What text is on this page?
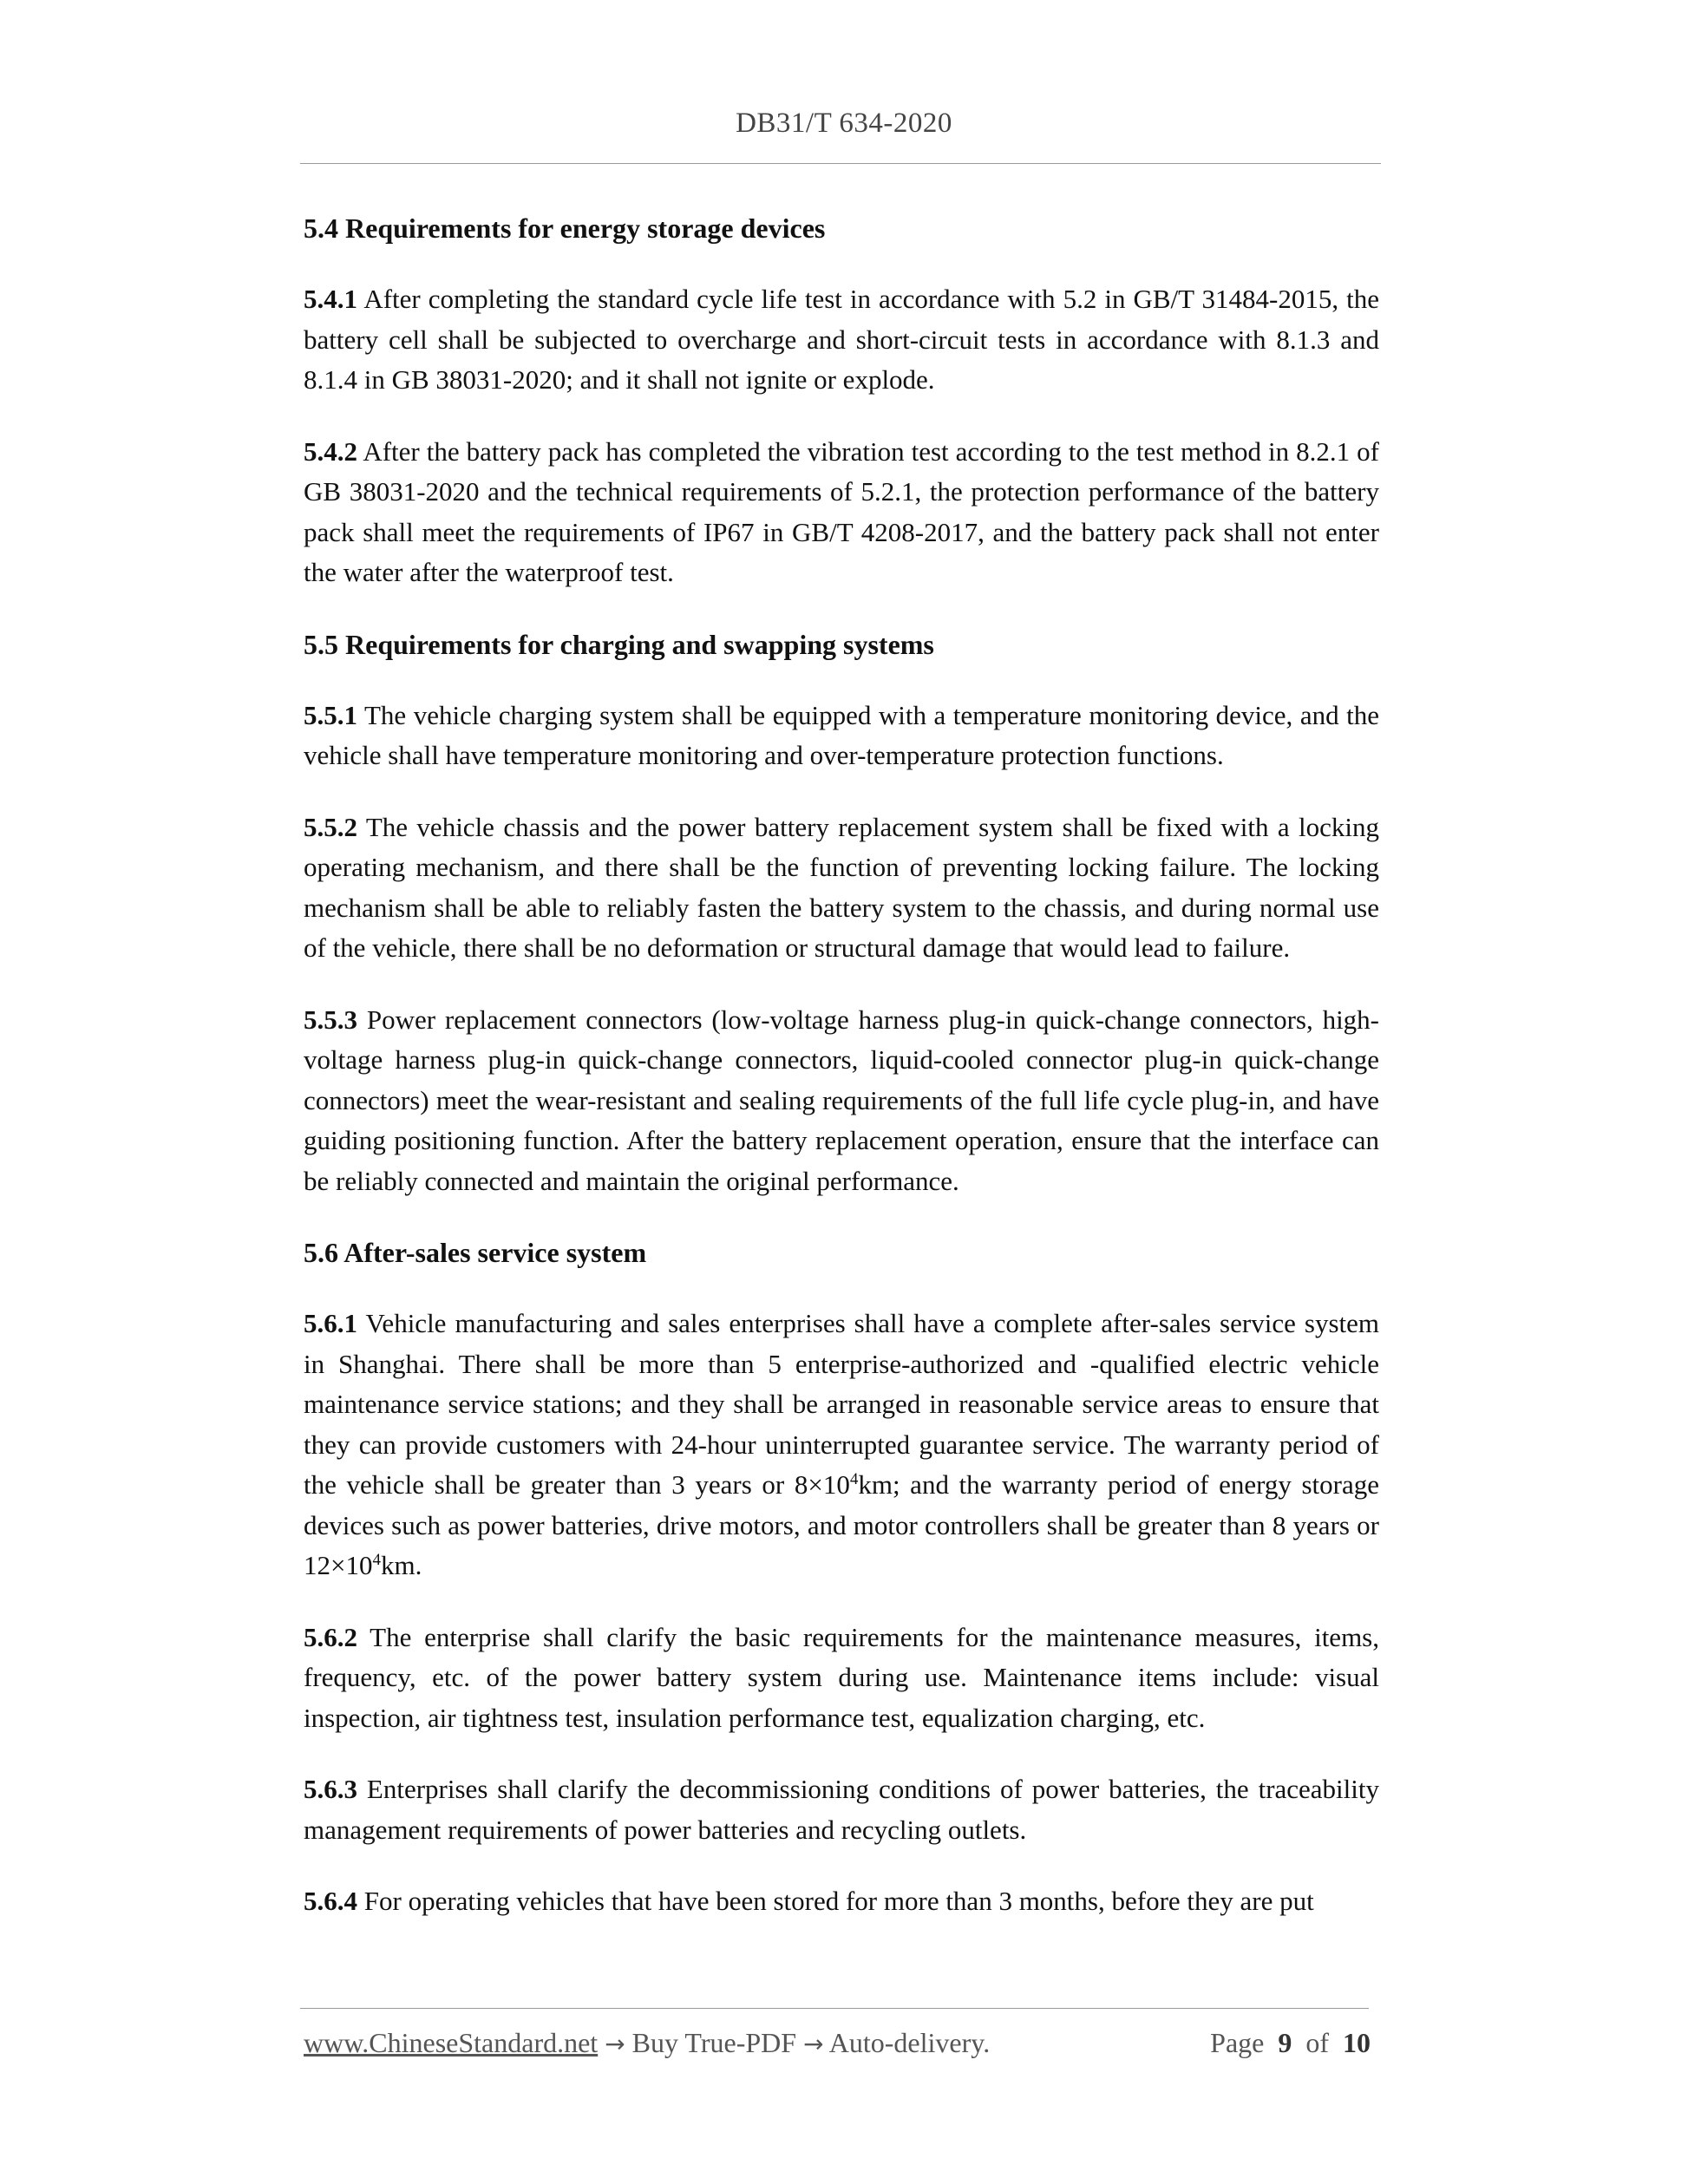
DB31/T 634-2020
5.4 Requirements for energy storage devices

5.4.1 After completing the standard cycle life test in accordance with 5.2 in GB/T 31484-2015, the battery cell shall be subjected to overcharge and short-circuit tests in accordance with 8.1.3 and 8.1.4 in GB 38031-2020; and it shall not ignite or explode.

5.4.2 After the battery pack has completed the vibration test according to the test method in 8.2.1 of GB 38031-2020 and the technical requirements of 5.2.1, the protection performance of the battery pack shall meet the requirements of IP67 in GB/T 4208-2017, and the battery pack shall not enter the water after the waterproof test.

5.5 Requirements for charging and swapping systems

5.5.1 The vehicle charging system shall be equipped with a temperature monitoring device, and the vehicle shall have temperature monitoring and over-temperature protection functions.

5.5.2 The vehicle chassis and the power battery replacement system shall be fixed with a locking operating mechanism, and there shall be the function of preventing locking failure. The locking mechanism shall be able to reliably fasten the battery system to the chassis, and during normal use of the vehicle, there shall be no deformation or structural damage that would lead to failure.

5.5.3 Power replacement connectors (low-voltage harness plug-in quick-change connectors, high-voltage harness plug-in quick-change connectors, liquid-cooled connector plug-in quick-change connectors) meet the wear-resistant and sealing requirements of the full life cycle plug-in, and have guiding positioning function. After the battery replacement operation, ensure that the interface can be reliably connected and maintain the original performance.

5.6 After-sales service system

5.6.1 Vehicle manufacturing and sales enterprises shall have a complete after-sales service system in Shanghai. There shall be more than 5 enterprise-authorized and -qualified electric vehicle maintenance service stations; and they shall be arranged in reasonable service areas to ensure that they can provide customers with 24-hour uninterrupted guarantee service. The warranty period of the vehicle shall be greater than 3 years or $8\times 10^4km$; and the warranty period of energy storage devices such as power batteries, drive motors, and motor controllers shall be greater than 8 years or $12\times 10^4km$.

5.6.2 The enterprise shall clarify the basic requirements for the maintenance measures, items, frequency, etc. of the power battery system during use. Maintenance items include: visual inspection, air tightness test, insulation performance test, equalization charging, etc.

5.6.3 Enterprises shall clarify the decommissioning conditions of power batteries, the traceability management requirements of power batteries and recycling outlets.

5.6.4 For operating vehicles that have been stored for more than 3 months, before they are put

www.ChineseStandard.net → Buy True-PDF → Auto-delivery.	Page 9 of 10
